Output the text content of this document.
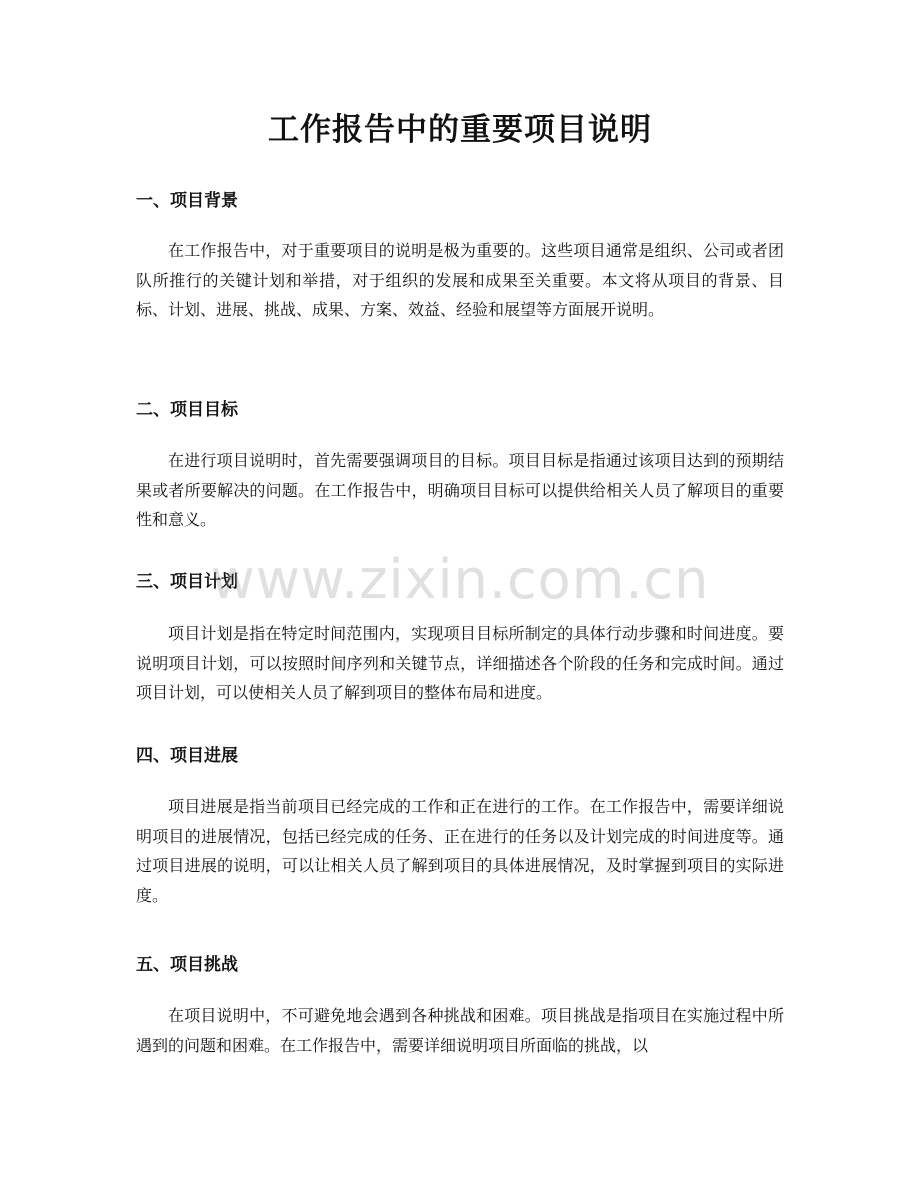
工作报告中的重要项目说明
一、项目背景

在工作报告中，对于重要项目的说明是极为重要的。这些项目通常是组织、公司或者团队所推行的关键计划和举措，对于组织的发展和成果至关重要。本文将从项目的背景、目标、计划、进展、挑战、成果、方案、效益、经验和展望等方面展开说明。

二、项目目标

在进行项目说明时，首先需要强调项目的目标。项目目标是指通过该项目达到的预期结果或者所要解决的问题。在工作报告中，明确项目目标可以提供给相关人员了解项目的重要性和意义。

三、项目计划

项目计划是指在特定时间范围内，实现项目目标所制定的具体行动步骤和时间进度。要说明项目计划，可以按照时间序列和关键节点，详细描述各个阶段的任务和完成时间。通过项目计划，可以使相关人员了解到项目的整体布局和进度。

四、项目进展

项目进展是指当前项目已经完成的工作和正在进行的工作。在工作报告中，需要详细说明项目的进展情况，包括已经完成的任务、正在进行的任务以及计划完成的时间进度等。通过项目进展的说明，可以让相关人员了解到项目的具体进展情况，及时掌握到项目的实际进度。

五、项目挑战

在项目说明中，不可避免地会遇到各种挑战和困难。项目挑战是指项目在实施过程中所遇到的问题和困难。在工作报告中，需要详细说明项目所面临的挑战，以

www.zixin.com.cn
